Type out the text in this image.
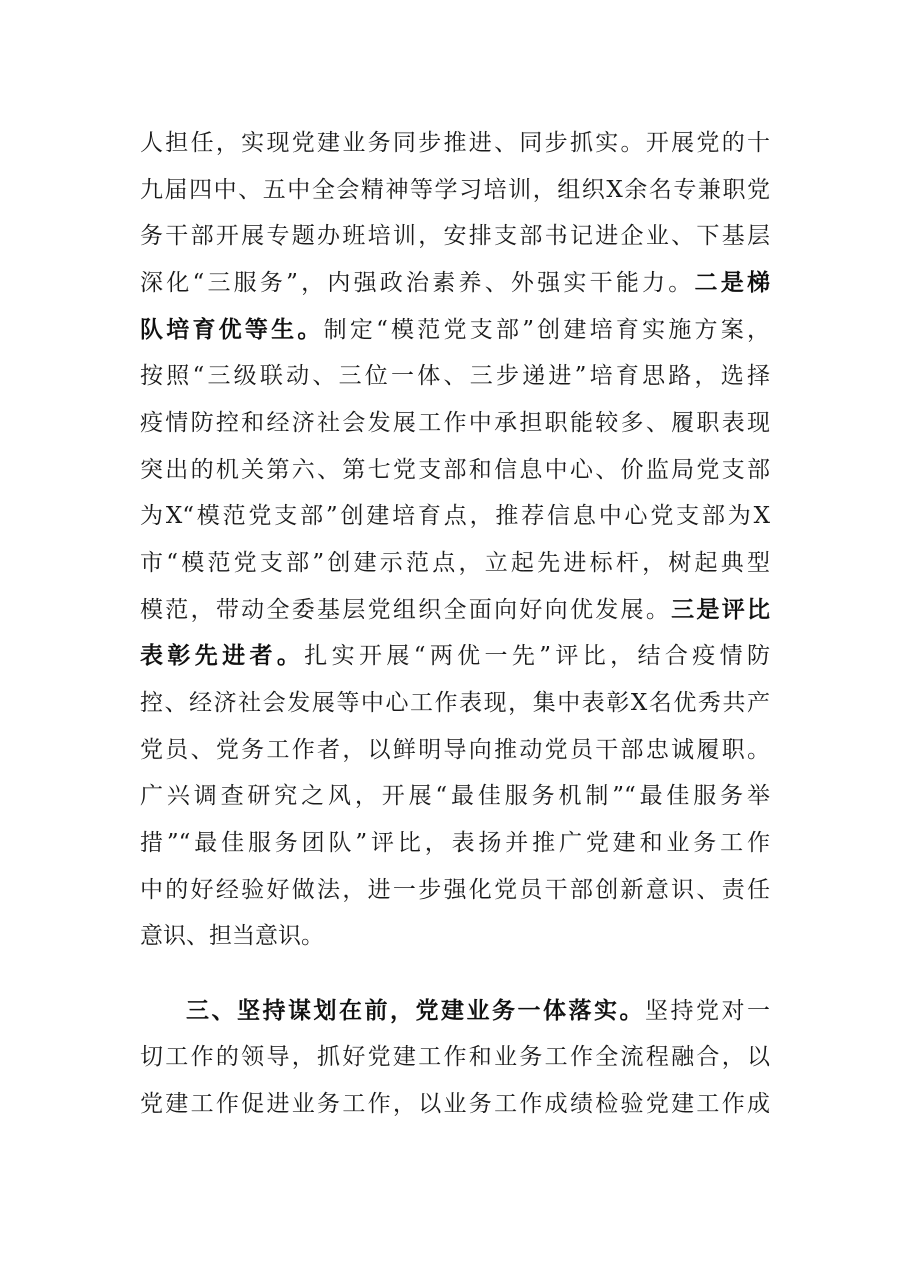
人担任，实现党建业务同步推进、同步抓实。开展党的十
九届四中、五中全会精神等学习培训，组织X余名专兼职党
务干部开展专题办班培训，安排支部书记进企业、下基层
深化“三服务”，内强政治素养、外强实干能力。二是梯
队培育优等生。制定“模范党支部”创建培育实施方案，
按照“三级联动、三位一体、三步递进”培育思路，选择
疫情防控和经济社会发展工作中承担职能较多、履职表现
突出的机关第六、第七党支部和信息中心、价监局党支部
为X“模范党支部”创建培育点，推荐信息中心党支部为X
市“模范党支部”创建示范点，立起先进标杆，树起典型
模范，带动全委基层党组织全面向好向优发展。三是评比
表彰先进者。扎实开展“两优一先”评比，结合疫情防
控、经济社会发展等中心工作表现，集中表彰X名优秀共产
党员、党务工作者，以鲜明导向推动党员干部忠诚履职。
广兴调查研究之风，开展“最佳服务机制”“最佳服务举
措”“最佳服务团队”评比，表扬并推广党建和业务工作
中的好经验好做法，进一步强化党员干部创新意识、责任
意识、担当意识。
三、坚持谋划在前，党建业务一体落实。坚持党对一
切工作的领导，抓好党建工作和业务工作全流程融合，以
党建工作促进业务工作，以业务工作成绩检验党建工作成
